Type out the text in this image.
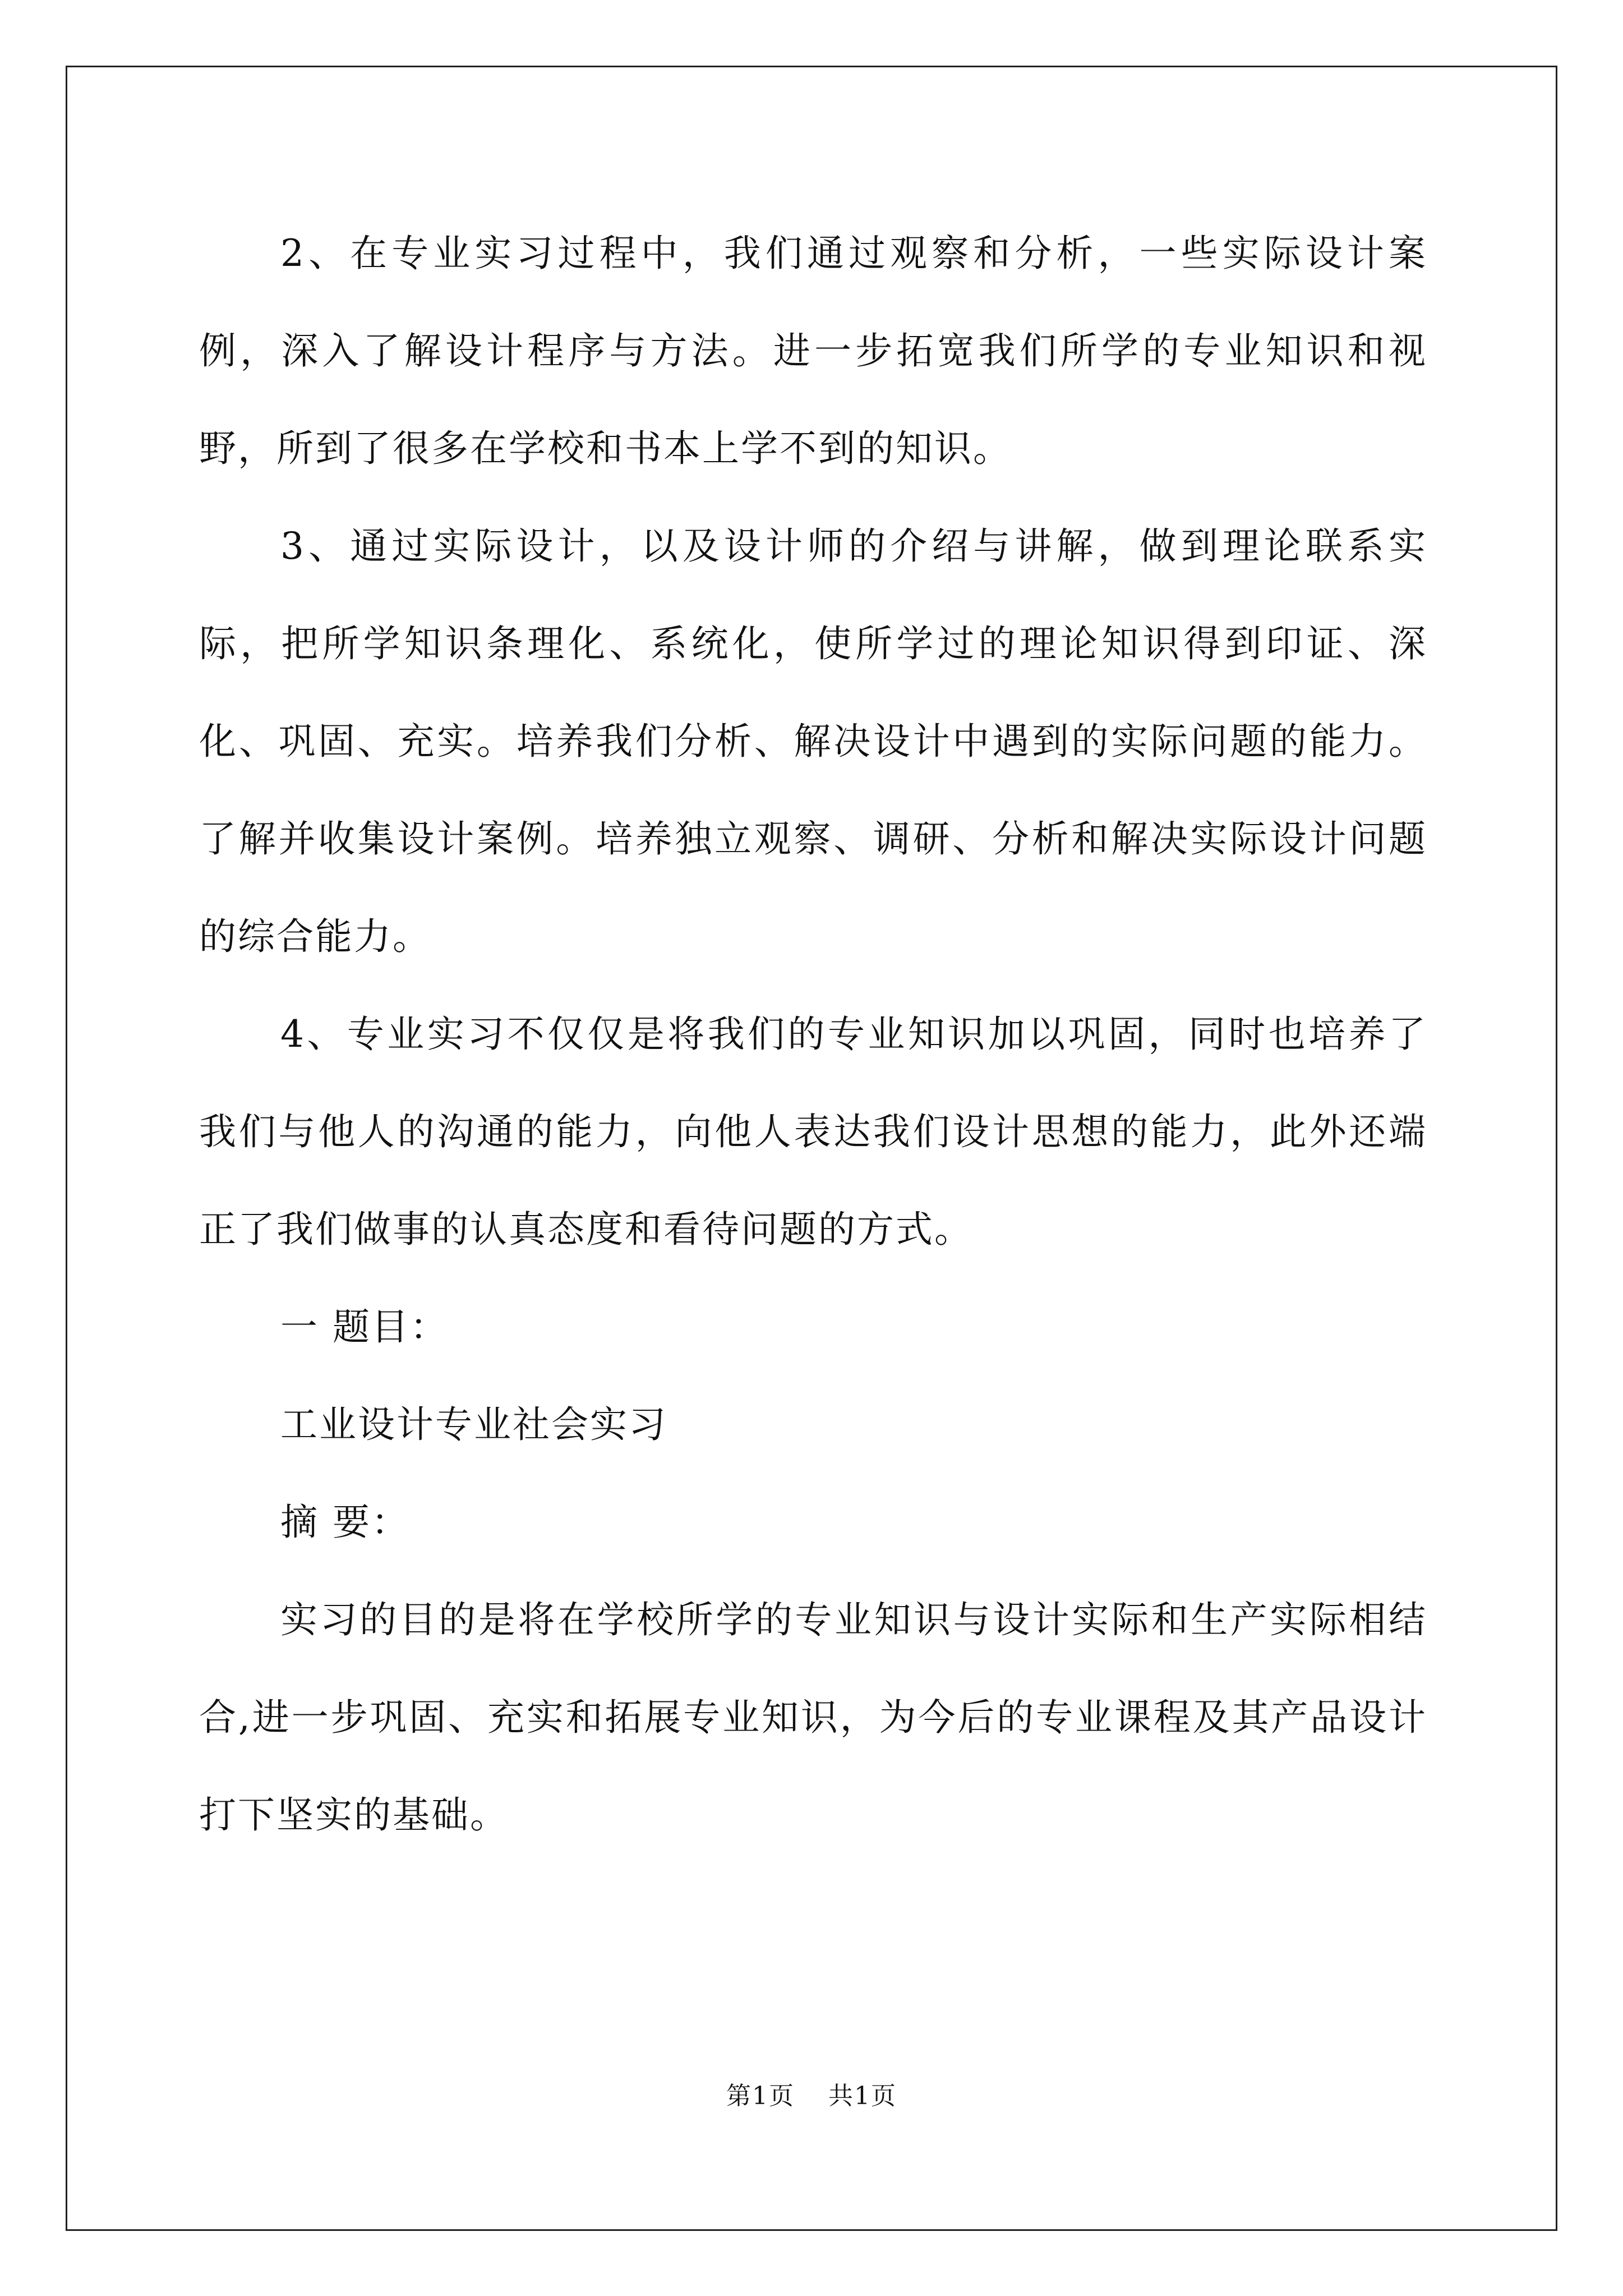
2、在专业实习过程中，我们通过观察和分析，一些实际设计案例，深入了解设计程序与方法。进一步拓宽我们所学的专业知识和视野，所到了很多在学校和书本上学不到的知识。

3、通过实际设计，以及设计师的介绍与讲解，做到理论联系实际，把所学知识条理化、系统化，使所学过的理论知识得到印证、深化、巩固、充实。培养我们分析、解决设计中遇到的实际问题的能力。了解并收集设计案例。培养独立观察、调研、分析和解决实际设计问题的综合能力。

4、专业实习不仅仅是将我们的专业知识加以巩固，同时也培养了我们与他人的沟通的能力，向他人表达我们设计思想的能力，此外还端正了我们做事的认真态度和看待问题的方式。

一 题目：

工业设计专业社会实习

摘 要：

实习的目的是将在学校所学的专业知识与设计实际和生产实际相结合,进一步巩固、充实和拓展专业知识，为今后的专业课程及其产品设计打下坚实的基础。

第1页 共1页
